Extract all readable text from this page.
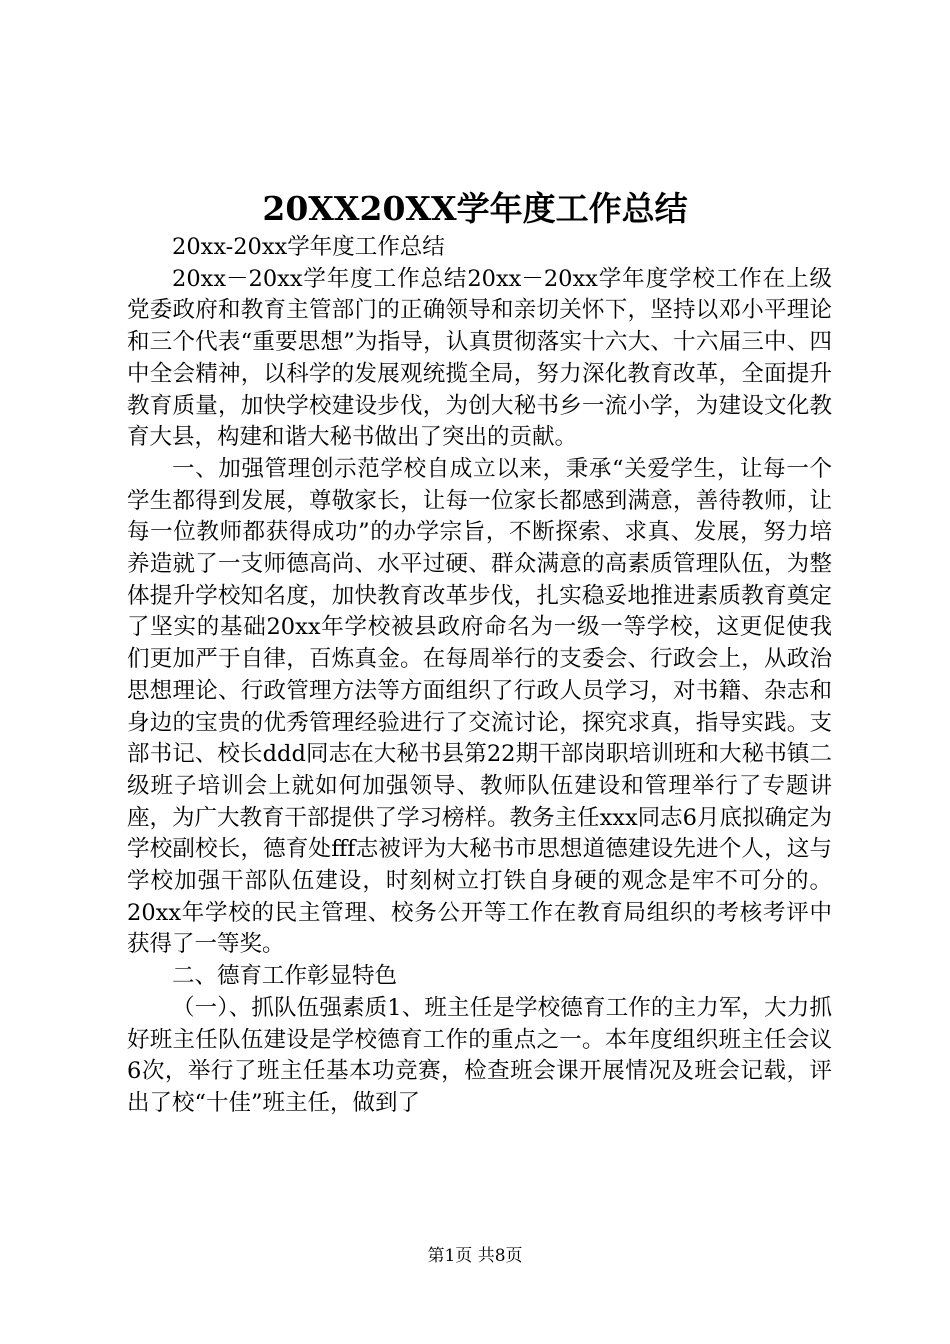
20XX20XX学年度工作总结

20xx-20xx学年度工作总结

20xx－20xx学年度工作总结20xx－20xx学年度学校工作在上级党委政府和教育主管部门的正确领导和亲切关怀下，坚持以邓小平理论和三个代表“重要思想”为指导，认真贯彻落实十六大、十六届三中、四中全会精神，以科学的发展观统揽全局，努力深化教育改革，全面提升教育质量，加快学校建设步伐，为创大秘书乡一流小学，为建设文化教育大县，构建和谐大秘书做出了突出的贡献。

一、加强管理创示范学校自成立以来，秉承“关爱学生，让每一个学生都得到发展，尊敬家长，让每一位家长都感到满意，善待教师，让每一位教师都获得成功”的办学宗旨，不断探索、求真、发展，努力培养造就了一支师德高尚、水平过硬、群众满意的高素质管理队伍，为整体提升学校知名度，加快教育改革步伐，扎实稳妥地推进素质教育奠定了坚实的基础20xx年学校被县政府命名为一级一等学校，这更促使我们更加严于自律，百炼真金。在每周举行的支委会、行政会上，从政治思想理论、行政管理方法等方面组织了行政人员学习，对书籍、杂志和身边的宝贵的优秀管理经验进行了交流讨论，探究求真，指导实践。支部书记、校长ddd同志在大秘书县第22期干部岗职培训班和大秘书镇二级班子培训会上就如何加强领导、教师队伍建设和管理举行了专题讲座，为广大教育干部提供了学习榜样。教务主任xxx同志6月底拟确定为学校副校长，德育处fff志被评为大秘书市思想道德建设先进个人，这与学校加强干部队伍建设，时刻树立打铁自身硬的观念是牢不可分的。20xx年学校的民主管理、校务公开等工作在教育局组织的考核考评中获得了一等奖。

二、德育工作彰显特色

（一）、抓队伍强素质1、班主任是学校德育工作的主力军，大力抓好班主任队伍建设是学校德育工作的重点之一。本年度组织班主任会议6次，举行了班主任基本功竞赛，检查班会课开展情况及班会记载，评出了校“十佳”班主任，做到了

第1页 共8页
